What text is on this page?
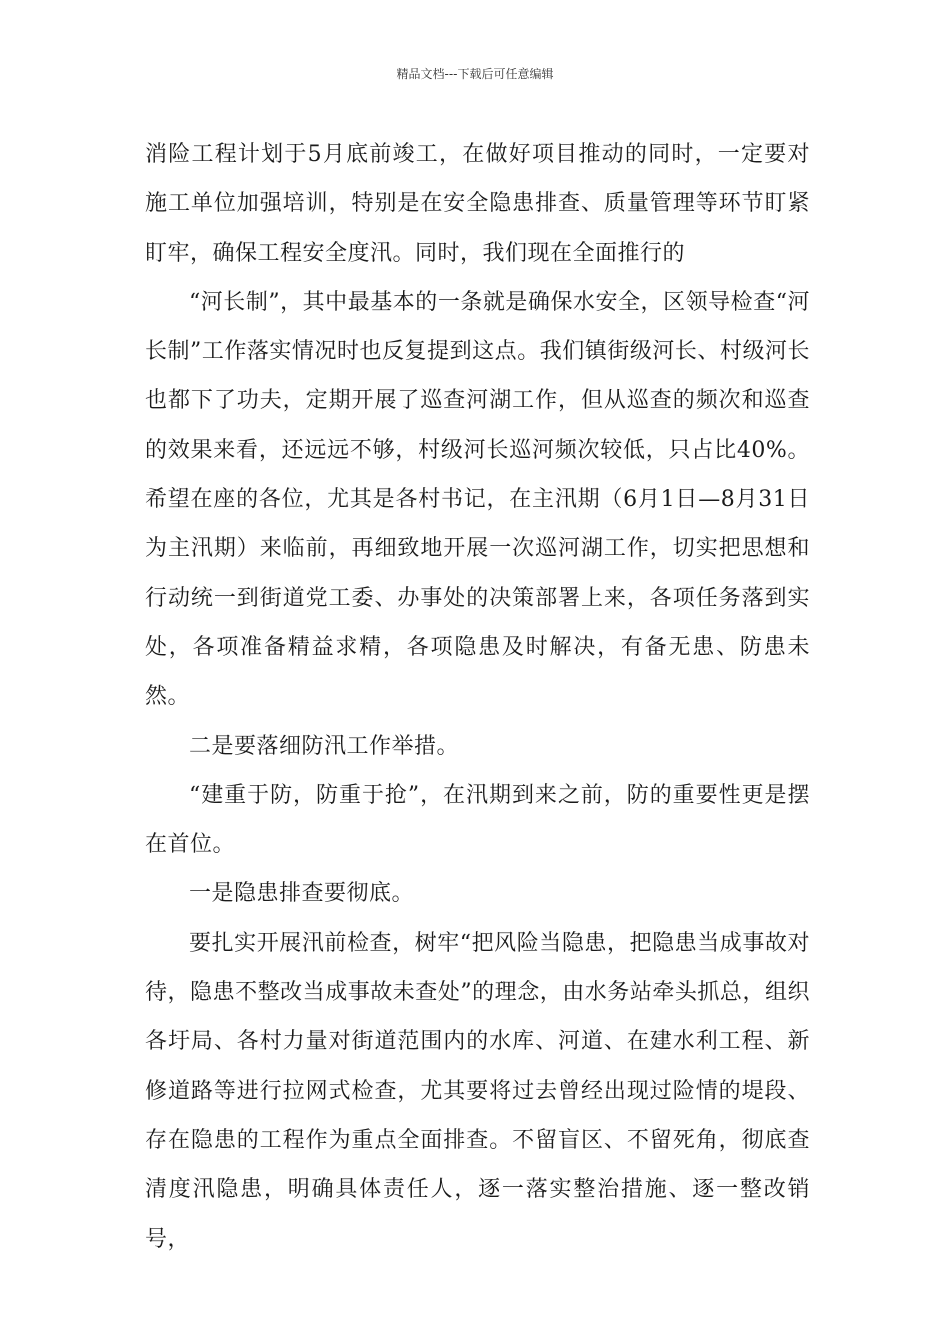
精品文档---下载后可任意编辑

消险工程计划于5月底前竣工，在做好项目推动的同时，一定要对施工单位加强培训，特别是在安全隐患排查、质量管理等环节盯紧盯牢，确保工程安全度汛。同时，我们现在全面推行的

“河长制”，其中最基本的一条就是确保水安全，区领导检查“河长制”工作落实情况时也反复提到这点。我们镇街级河长、村级河长也都下了功夫，定期开展了巡查河湖工作，但从巡查的频次和巡查的效果来看，还远远不够，村级河长巡河频次较低，只占比40%。希望在座的各位，尤其是各村书记，在主汛期（6月1日—8月31日为主汛期）来临前，再细致地开展一次巡河湖工作，切实把思想和行动统一到街道党工委、办事处的决策部署上来，各项任务落到实处，各项准备精益求精，各项隐患及时解决，有备无患、防患未然。

二是要落细防汛工作举措。

“建重于防，防重于抢”，在汛期到来之前，防的重要性更是摆在首位。

一是隐患排查要彻底。

要扎实开展汛前检查，树牢“把风险当隐患，把隐患当成事故对待，隐患不整改当成事故未查处”的理念，由水务站牵头抓总，组织各圩局、各村力量对街道范围内的水库、河道、在建水利工程、新修道路等进行拉网式检查，尤其要将过去曾经出现过险情的堤段、存在隐患的工程作为重点全面排查。不留盲区、不留死角，彻底查清度汛隐患，明确具体责任人，逐一落实整治措施、逐一整改销号，
